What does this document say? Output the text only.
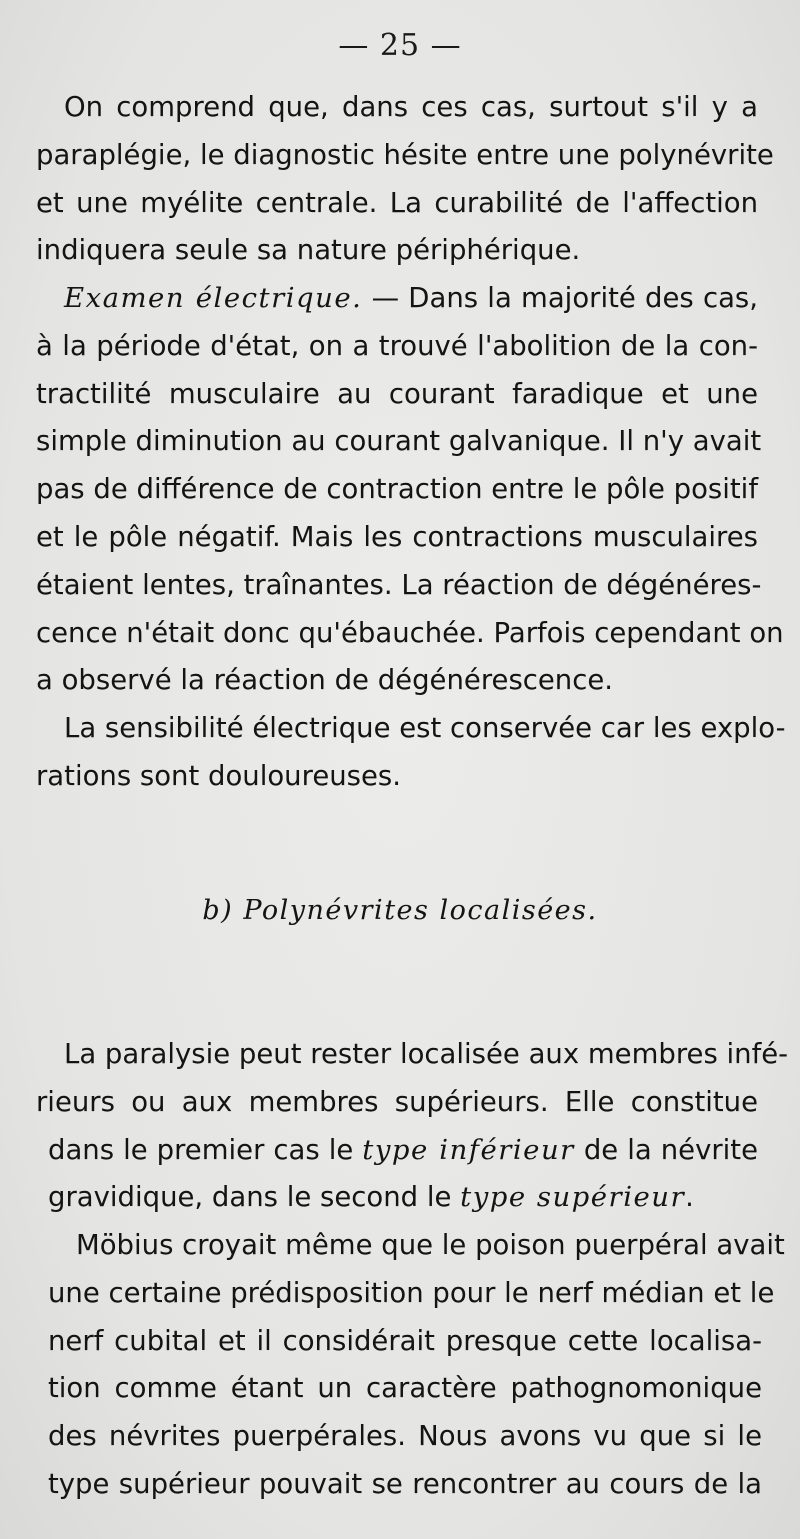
— 25 —
On comprend que, dans ces cas, surtout s'il y a
paraplégie, le diagnostic hésite entre une polynévrite
et une myélite centrale. La curabilité de l'affection
indiquera seule sa nature périphérique.
Examen électrique. — Dans la majorité des cas,
à la période d'état, on a trouvé l'abolition de la con-
tractilité musculaire au courant faradique et une
simple diminution au courant galvanique. Il n'y avait
pas de différence de contraction entre le pôle positif
et le pôle négatif. Mais les contractions musculaires
étaient lentes, traînantes. La réaction de dégénéres-
cence n'était donc qu'ébauchée. Parfois cependant on
a observé la réaction de dégénérescence.
La sensibilité électrique est conservée car les explo-
rations sont douloureuses.
b) Polynévrites localisées.
La paralysie peut rester localisée aux membres infé-
rieurs ou aux membres supérieurs. Elle constitue
dans le premier cas le type inférieur de la névrite
gravidique, dans le second le type supérieur.
Möbius croyait même que le poison puerpéral avait
une certaine prédisposition pour le nerf médian et le
nerf cubital et il considérait presque cette localisa-
tion comme étant un caractère pathognomonique
des névrites puerpérales. Nous avons vu que si le
type supérieur pouvait se rencontrer au cours de la
